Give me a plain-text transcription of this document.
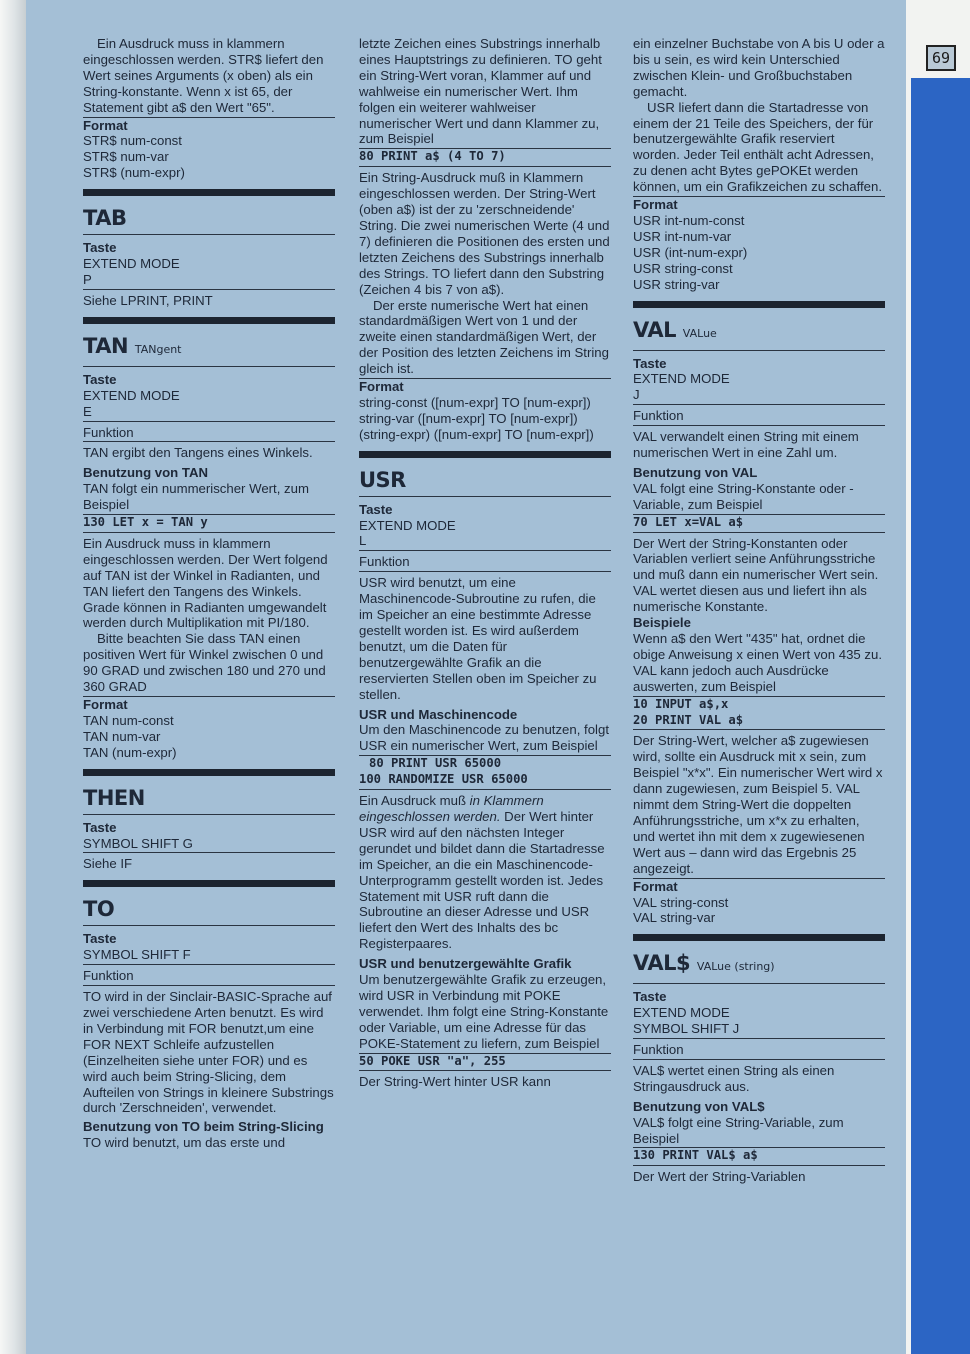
69

Ein Ausdruck muss in klammern eingeschlossen werden. STR$ liefert den Wert seines Arguments (x oben) als ein String-konstante. Wenn x ist 65, der Statement gibt a$ den Wert "65".

Format
STR$ num-const
STR$ num-var
STR$ (num-expr)
TAB
Taste
EXTEND MODE
P
Siehe LPRINT, PRINT
TAN TANgent
Taste
EXTEND MODE
E
Funktion

TAN ergibt den Tangens eines Winkels.

Benutzung von TAN

TAN folgt ein nummerischer Wert, zum Beispiel

130 LET x = TAN y

Ein Ausdruck muss in klammern eingeschlossen werden. Der Wert folgend auf TAN ist der Winkel in Radianten, und TAN liefert den Tangens des Winkels. Grade können in Radianten umgewandelt werden durch Multiplikation mit PI/180.

Bitte beachten Sie dass TAN einen positiven Wert für Winkel zwischen 0 und 90 GRAD und zwischen 180 und 270 und 360 GRAD

Format
TAN num-const
TAN num-var
TAN (num-expr)
THEN
Taste
SYMBOL SHIFT G
Siehe IF
TO
Taste
SYMBOL SHIFT F
Funktion

TO wird in der Sinclair-BASIC-Sprache auf zwei verschiedene Arten benutzt. Es wird in Verbindung mit FOR benutzt,um eine FOR NEXT Schleife aufzustellen (Einzelheiten siehe unter FOR) und es wird auch beim String-Slicing, dem Aufteilen von Strings in kleinere Substrings durch 'Zerschneiden', verwendet.

Benutzung von TO beim String-Slicing

TO wird benutzt, um das erste und

letzte Zeichen eines Substrings innerhalb eines Hauptstrings zu definieren. TO geht ein String-Wert voran, Klammer auf und wahlweise ein numerischer Wert. Ihm folgen ein weiterer wahlweiser numerischer Wert und dann Klammer zu, zum Beispiel

80 PRINT a$ (4 TO 7)

Ein String-Ausdruck muß in Klammern eingeschlossen werden. Der String-Wert (oben a$) ist der zu 'zerschneidende' String. Die zwei numerischen Werte (4 und 7) definieren die Positionen des ersten und letzten Zeichens des Substrings innerhalb des Strings. TO liefert dann den Substring (Zeichen 4 bis 7 von a$).

Der erste numerische Wert hat einen standardmäßigen Wert von 1 und der zweite einen standardmäßigen Wert, der der Position des letzten Zeichens im String gleich ist.

Format
string-const ([num-expr] TO [num-expr])
string-var ([num-expr] TO [num-expr])
(string-expr) ([num-expr] TO [num-expr])
USR
Taste
EXTEND MODE
L
Funktion

USR wird benutzt, um eine Maschinencode-Subroutine zu rufen, die im Speicher an eine bestimmte Adresse gestellt worden ist. Es wird außerdem benutzt, um die Daten für benutzergewählte Grafik an die reservierten Stellen oben im Speicher zu stellen.

USR und Maschinencode

Um den Maschinencode zu benutzen, folgt USR ein numerischer Wert, zum Beispiel

80 PRINT USR 65000
100 RANDOMIZE USR 65000

Ein Ausdruck muß in Klammern eingeschlossen werden. Der Wert hinter USR wird auf den nächsten Integer gerundet und bildet dann die Startadresse im Speicher, an die ein Maschinencode-Unterprogramm gestellt worden ist. Jedes Statement mit USR ruft dann die Subroutine an dieser Adresse und USR liefert den Wert des Inhalts des bc Registerpaares.

USR und benutzergewählte Grafik

Um benutzergewählte Grafik zu erzeugen, wird USR in Verbindung mit POKE verwendet. Ihm folgt eine String-Konstante oder Variable, um eine Adresse für das POKE-Statement zu liefern, zum Beispiel

50 POKE USR "a", 255

Der String-Wert hinter USR kann

ein einzelner Buchstabe von A bis U oder a bis u sein, es wird kein Unterschied zwischen Klein- und Großbuchstaben gemacht.

USR liefert dann die Startadresse von einem der 21 Teile des Speichers, der für benutzergewählte Grafik reserviert worden. Jeder Teil enthält acht Adressen, zu denen acht Bytes gePOKEt werden können, um ein Grafikzeichen zu schaffen.

Format
USR int-num-const
USR int-num-var
USR (int-num-expr)
USR string-const
USR string-var
VAL VALue
Taste
EXTEND MODE
J
Funktion

VAL verwandelt einen String mit einem numerischen Wert in eine Zahl um.

Benutzung von VAL

VAL folgt eine String-Konstante oder -Variable, zum Beispiel

70 LET x=VAL a$

Der Wert der String-Konstanten oder Variablen verliert seine Anführungsstriche und muß dann ein numerischer Wert sein. VAL wertet diesen aus und liefert ihn als numerische Konstante.

Beispiele

Wenn a$ den Wert "435" hat, ordnet die obige Anweisung x einen Wert von 435 zu. VAL kann jedoch auch Ausdrücke auswerten, zum Beispiel

10 INPUT a$,x
20 PRINT VAL a$

Der String-Wert, welcher a$ zugewiesen wird, sollte ein Ausdruck mit x sein, zum Beispiel "x*x". Ein numerischer Wert wird x dann zugewiesen, zum Beispiel 5. VAL nimmt dem String-Wert die doppelten Anführungsstriche, um x*x zu erhalten, und wertet ihn mit dem x zugewiesenen Wert aus – dann wird das Ergebnis 25 angezeigt.

Format
VAL string-const
VAL string-var
VAL$ VALue (string)
Taste
EXTEND MODE
SYMBOL SHIFT J
Funktion

VAL$ wertet einen String als einen Stringausdruck aus.

Benutzung von VAL$

VAL$ folgt eine String-Variable, zum Beispiel

130 PRINT VAL$ a$

Der Wert der String-Variablen
